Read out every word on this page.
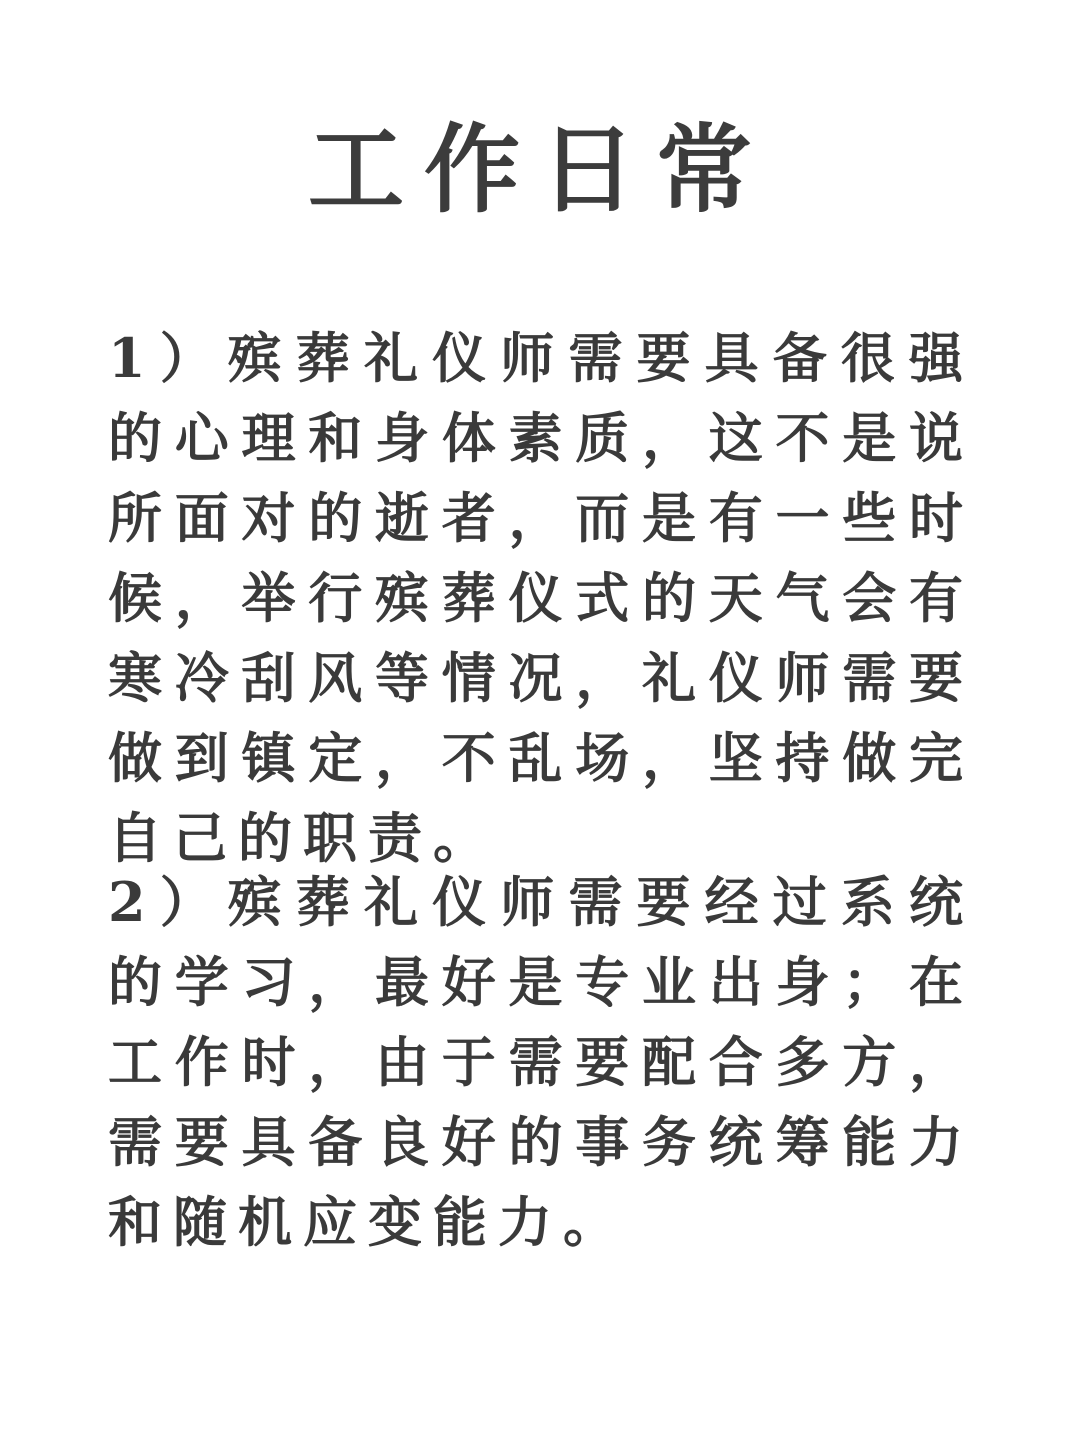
工作日常

1）殡葬礼仪师需要具备很强的心理和身体素质，这不是说所面对的逝者，而是有一些时候，举行殡葬仪式的天气会有寒冷刮风等情况，礼仪师需要做到镇定，不乱场，坚持做完自己的职责。

2）殡葬礼仪师需要经过系统的学习，最好是专业出身；在工作时，由于需要配合多方，需要具备良好的事务统筹能力和随机应变能力。
